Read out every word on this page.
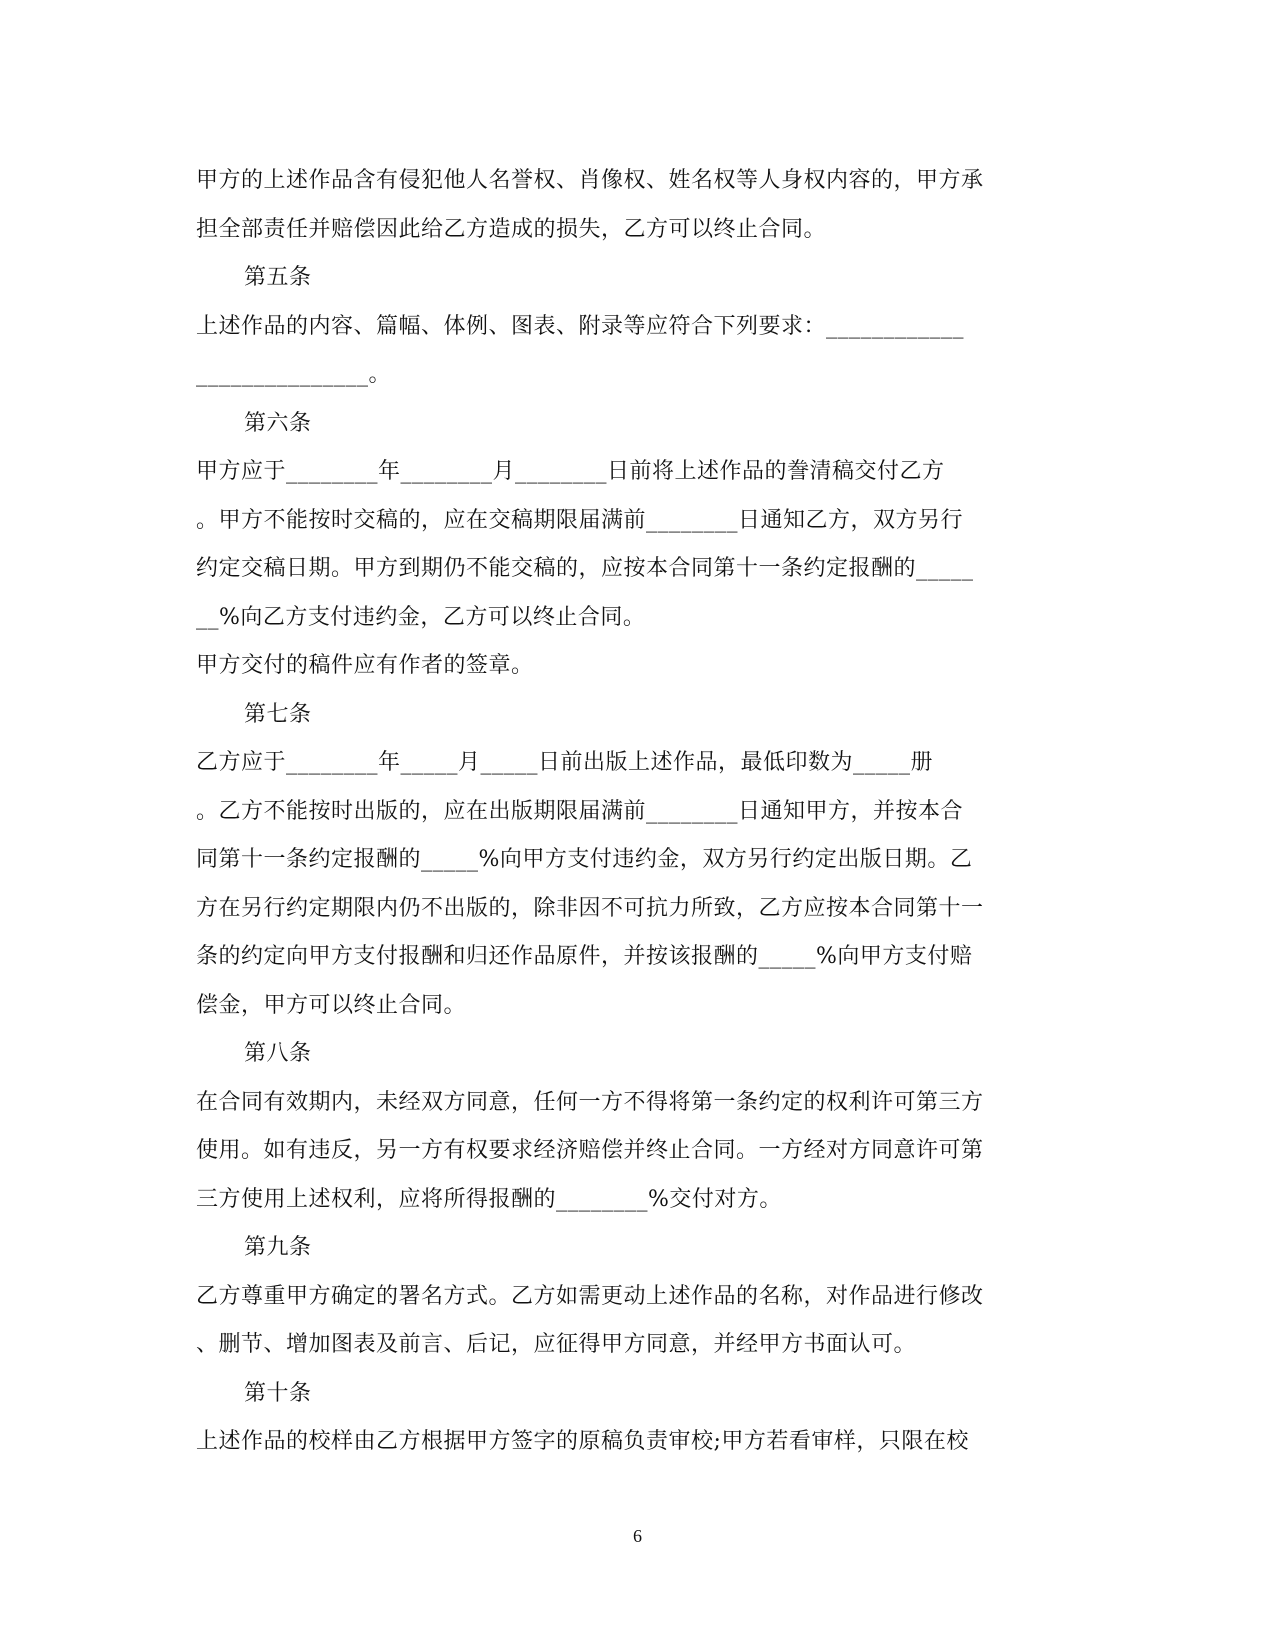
甲方的上述作品含有侵犯他人名誉权、肖像权、姓名权等人身权内容的，甲方承
担全部责任并赔偿因此给乙方造成的损失，乙方可以终止合同。
第五条
上述作品的内容、篇幅、体例、图表、附录等应符合下列要求：____________
_______________。
第六条
甲方应于________年________月________日前将上述作品的誊清稿交付乙方
。甲方不能按时交稿的，应在交稿期限届满前________日通知乙方，双方另行
约定交稿日期。甲方到期仍不能交稿的，应按本合同第十一条约定报酬的_____
__%向乙方支付违约金，乙方可以终止合同。
甲方交付的稿件应有作者的签章。
第七条
乙方应于________年_____月_____日前出版上述作品，最低印数为_____册
。乙方不能按时出版的，应在出版期限届满前________日通知甲方，并按本合
同第十一条约定报酬的_____%向甲方支付违约金，双方另行约定出版日期。乙
方在另行约定期限内仍不出版的，除非因不可抗力所致，乙方应按本合同第十一
条的约定向甲方支付报酬和归还作品原件，并按该报酬的_____%向甲方支付赔
偿金，甲方可以终止合同。
第八条
在合同有效期内，未经双方同意，任何一方不得将第一条约定的权利许可第三方
使用。如有违反，另一方有权要求经济赔偿并终止合同。一方经对方同意许可第
三方使用上述权利，应将所得报酬的________%交付对方。
第九条
乙方尊重甲方确定的署名方式。乙方如需更动上述作品的名称，对作品进行修改
、删节、增加图表及前言、后记，应征得甲方同意，并经甲方书面认可。
第十条
上述作品的校样由乙方根据甲方签字的原稿负责审校;甲方若看审样，只限在校
6
